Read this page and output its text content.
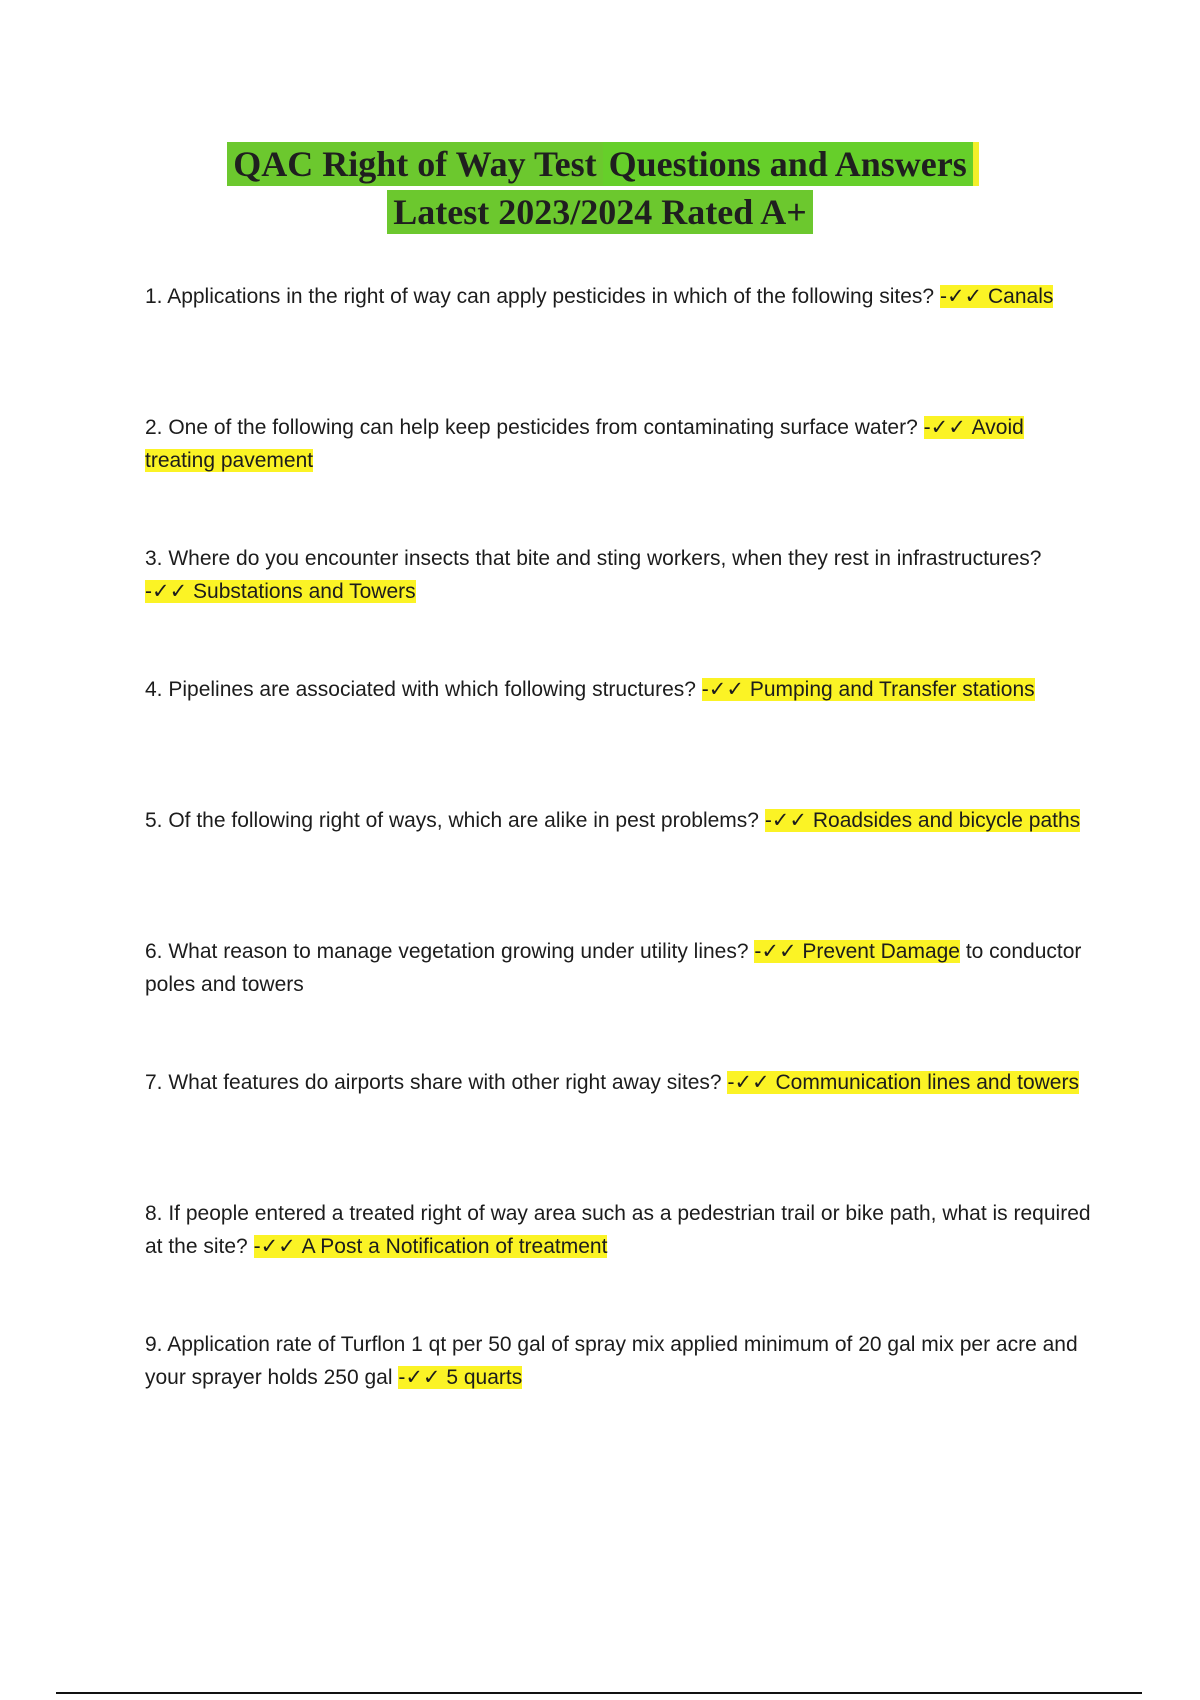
QAC Right of Way Test Questions and Answers
Latest 2023/2024 Rated A+
1. Applications in the right of way can apply pesticides in which of the following sites? -✓✓ Canals
2. One of the following can help keep pesticides from contaminating surface water? -✓✓ Avoid treating pavement
3. Where do you encounter insects that bite and sting workers, when they rest in infrastructures? -✓✓ Substations and Towers
4. Pipelines are associated with which following structures? -✓✓ Pumping and Transfer stations
5. Of the following right of ways, which are alike in pest problems? -✓✓ Roadsides and bicycle paths
6. What reason to manage vegetation growing under utility lines? -✓✓ Prevent Damage to conductor poles and towers
7. What features do airports share with other right away sites? -✓✓ Communication lines and towers
8. If people entered a treated right of way area such as a pedestrian trail or bike path, what is required at the site? -✓✓ A Post a Notification of treatment
9. Application rate of Turflon 1 qt per 50 gal of spray mix applied minimum of 20 gal mix per acre and your sprayer holds 250 gal -✓✓ 5 quarts
